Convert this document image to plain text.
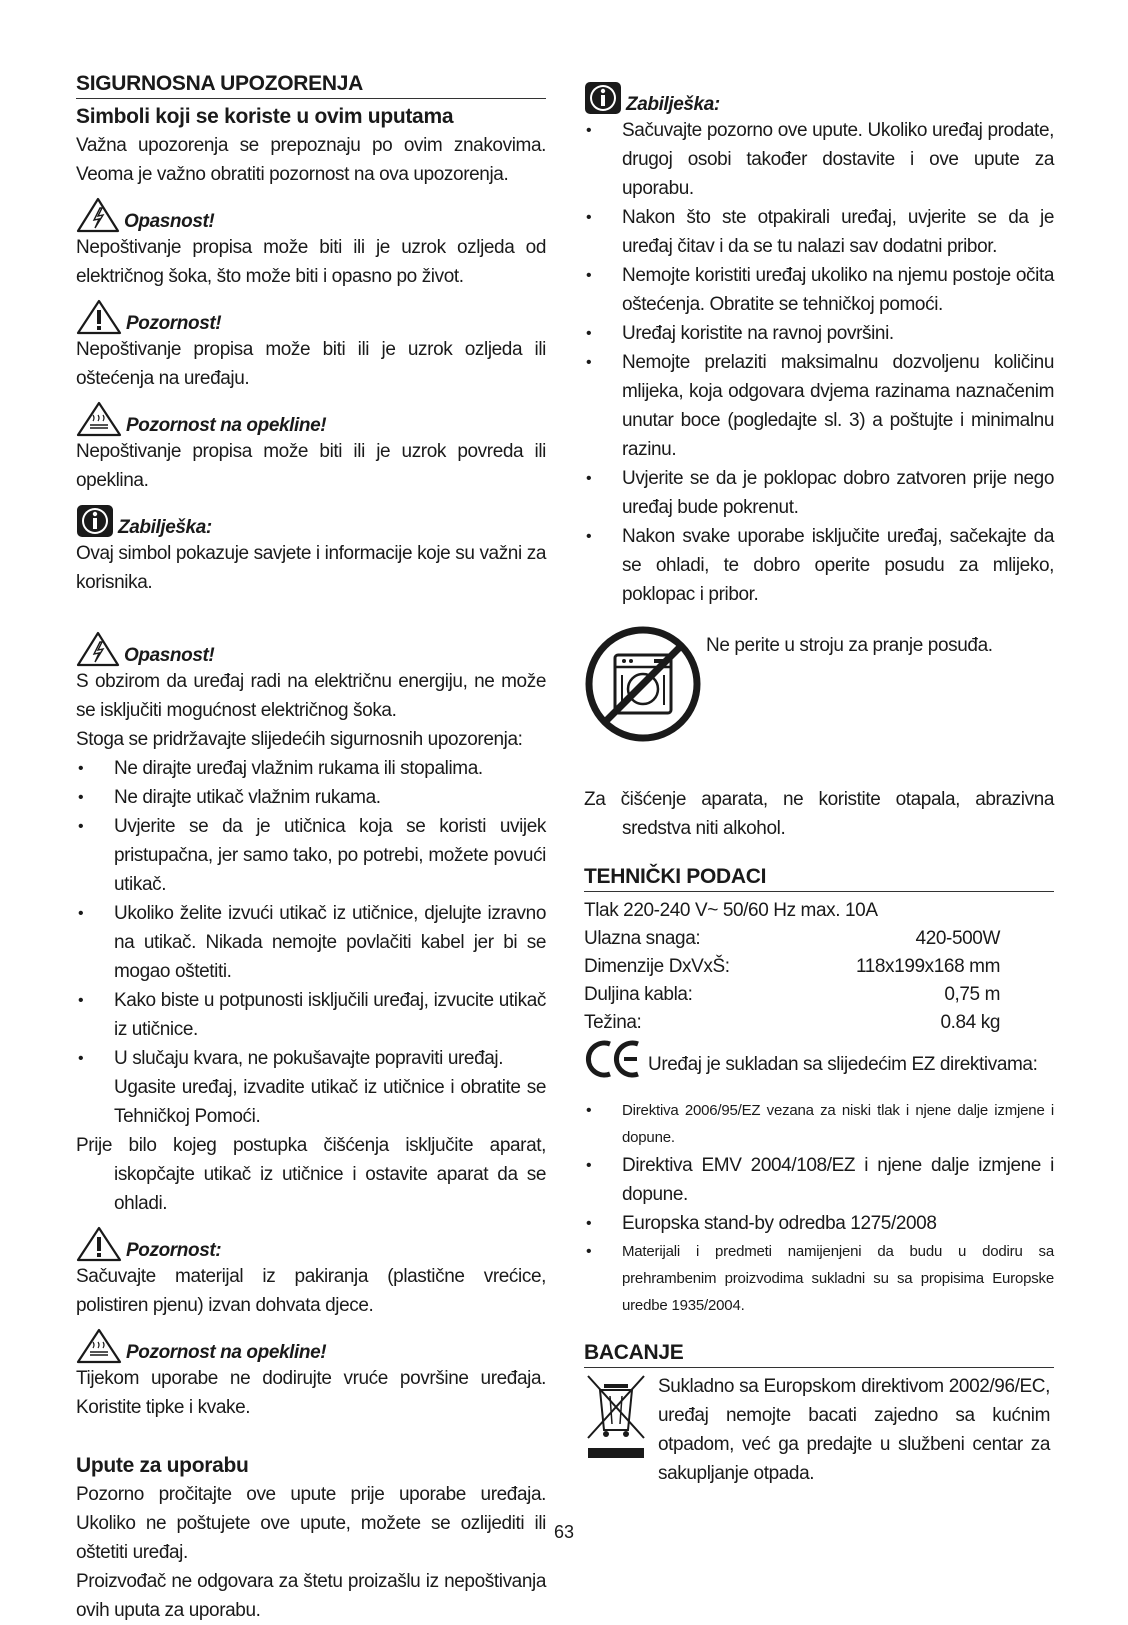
SIGURNOSNA UPOZORENJA
Simboli koji se koriste u ovim uputama

Važna upozorenja se prepoznaju po ovim znakovima. Veoma je važno obratiti pozornost na ova upozorenja.

Opasnost!

Nepoštivanje propisa može biti ili je uzrok ozljeda od električnog šoka, što može biti i opasno po život.

Pozornost!

Nepoštivanje propisa može biti ili je uzrok ozljeda ili oštećenja na uređaju.

Pozornost na opekline!

Nepoštivanje propisa može biti ili je uzrok povreda ili opeklina.

Zabilješka:

Ovaj simbol pokazuje savjete i informacije koje su važni za korisnika.

Opasnost!

S obzirom da uređaj radi na električnu energiju, ne može se isključiti mogućnost električnog šoka.

Stoga se pridržavajte slijedećih sigurnosnih upozorenja:

• Ne dirajte uređaj vlažnim rukama ili stopalima.
• Ne dirajte utikač vlažnim rukama.
• Uvjerite se da je utičnica koja se koristi uvijek pristupačna, jer samo tako, po potrebi, možete povući utikač.
• Ukoliko želite izvući utikač iz utičnice, djelujte izravno na utikač. Nikada nemojte povlačiti kabel jer bi se mogao oštetiti.
• Kako biste u potpunosti isključili uređaj, izvucite utikač iz utičnice.
• U slučaju kvara, ne pokušavajte popraviti uređaj.

Ugasite uređaj, izvadite utikač iz utičnice i obratite se Tehničkoj Pomoći.

Prije bilo kojeg postupka čišćenja isključite aparat, iskopčajte utikač iz utičnice i ostavite aparat da se ohladi.

Pozornost:

Sačuvajte materijal iz pakiranja (plastične vrećice, polistiren pjenu) izvan dohvata djece.

Pozornost na opekline!

Tijekom uporabe ne dodirujte vruće površine uređaja. Koristite tipke i kvake.

Upute za uporabu

Pozorno pročitajte ove upute prije uporabe uređaja. Ukoliko ne poštujete ove upute, možete se ozlijediti ili oštetiti uređaj.

Proizvođač ne odgovara za štetu proizašlu iz nepoštivanja ovih uputa za uporabu.

Zabilješka:
• Sačuvajte pozorno ove upute. Ukoliko uređaj prodate, drugoj osobi također dostavite i ove upute za uporabu.
• Nakon što ste otpakirali uređaj, uvjerite se da je uređaj čitav i da se tu nalazi sav dodatni pribor.
• Nemojte koristiti uređaj ukoliko na njemu postoje očita oštećenja. Obratite se tehničkoj pomoći.
• Uređaj koristite na ravnoj površini.
• Nemojte prelaziti maksimalnu dozvoljenu količinu mlijeka, koja odgovara dvjema razinama naznačenim unutar boce (pogledajte sl. 3) a poštujte i minimalnu razinu.
• Uvjerite se da je poklopac dobro zatvoren prije nego uređaj bude pokrenut.
• Nakon svake uporabe isključite uređaj, sačekajte da se ohladi, te dobro operite posudu za mlijeko, poklopac i pribor.
Ne perite u stroju za pranje posuđa.

Za čišćenje aparata, ne koristite otapala, abrazivna sredstva niti alkohol.

TEHNIČKI PODACI
Tlak 220-240 V~ 50/60 Hz max. 10A
Ulazna snaga:	420-500W
Dimenzije DxVxŠ:	118x199x168 mm
Duljina kabla:	0,75 m
Težina:	0.84 kg
Uređaj je sukladan sa slijedećim EZ direktivama:
• Direktiva 2006/95/EZ vezana za niski tlak i njene dalje izmjene i dopune.
• Direktiva EMV 2004/108/EZ i njene dalje izmjene i dopune.
• Europska stand-by odredba 1275/2008
• Materijali i predmeti namijenjeni da budu u dodiru sa prehrambenim proizvodima sukladni su sa propisima Europske uredbe 1935/2004.
BACANJE
Sukladno sa Europskom direktivom 2002/96/EC, uređaj nemojte bacati zajedno sa kućnim otpadom, već ga predajte u službeni centar za sakupljanje otpada.
63
